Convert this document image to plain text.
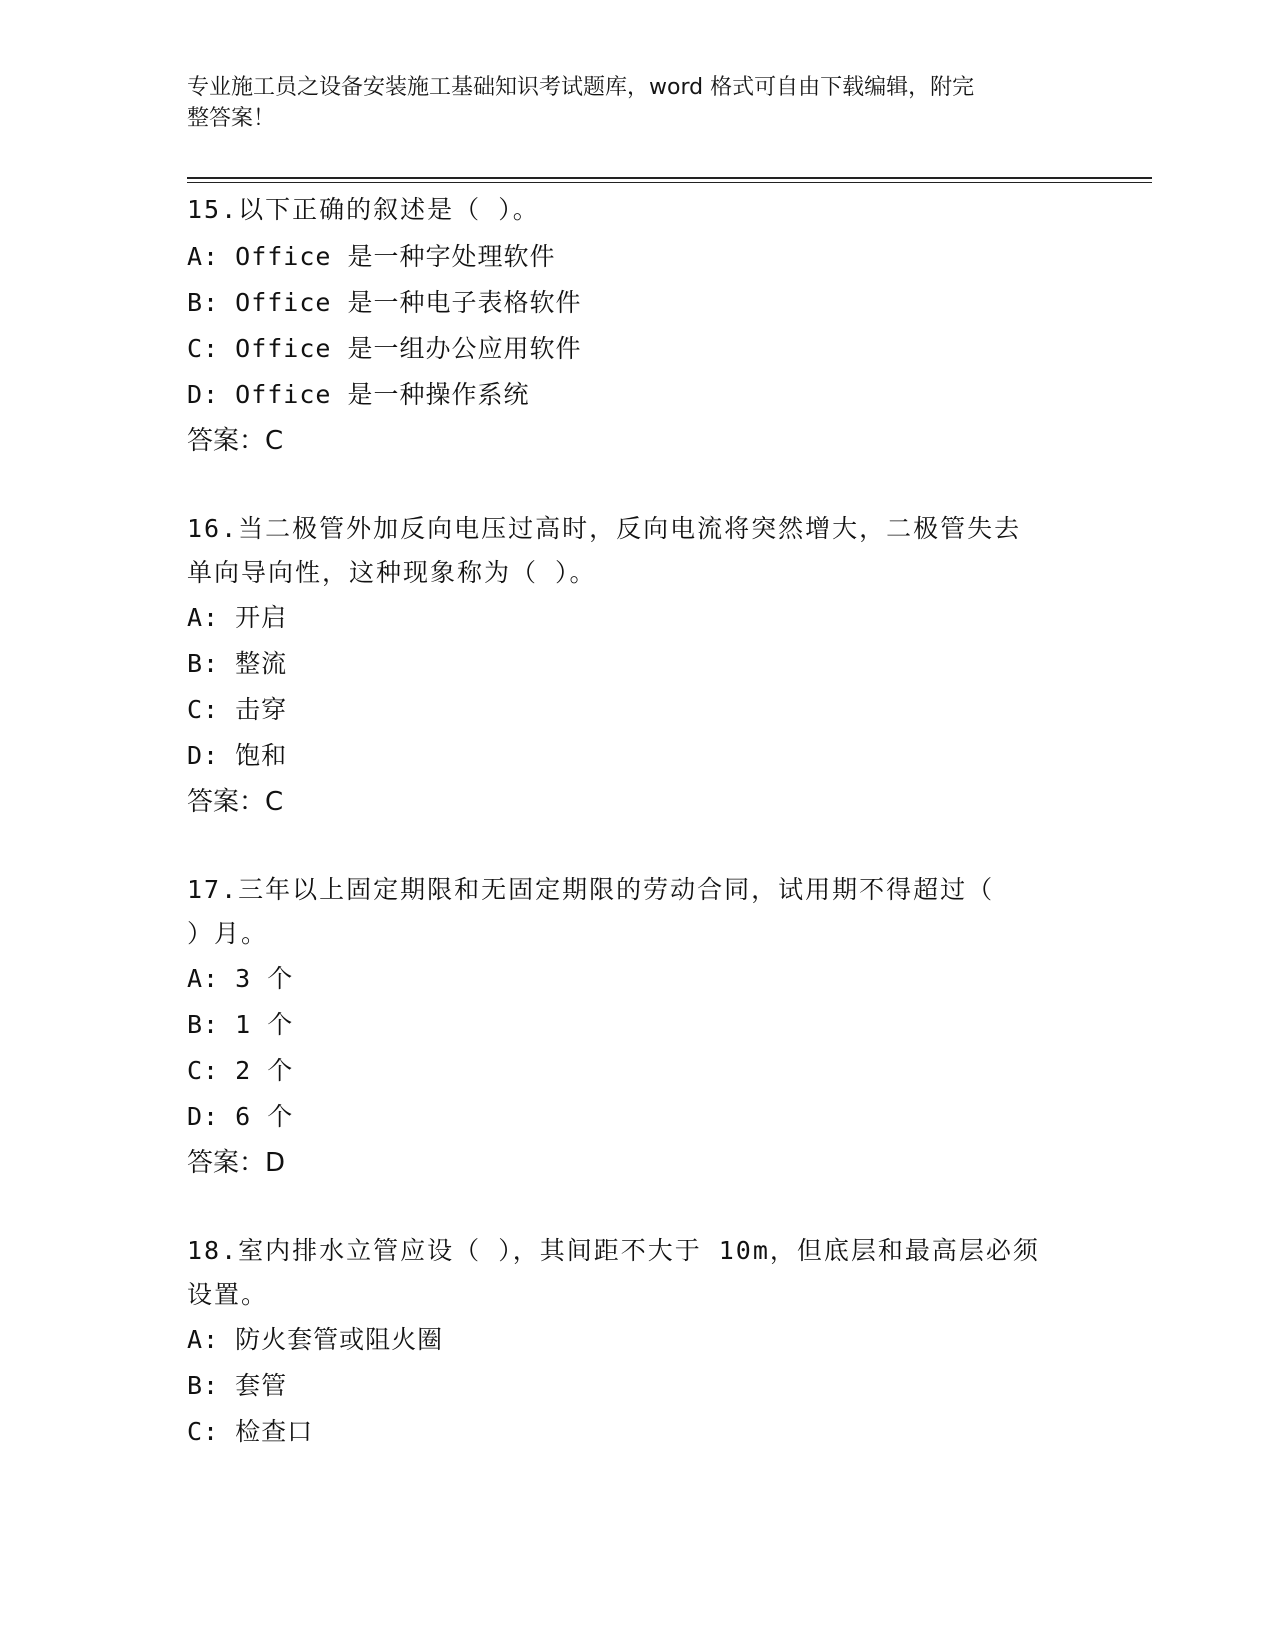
专业施工员之设备安装施工基础知识考试题库，word 格式可自由下载编辑，附完
整答案！
15.以下正确的叙述是（ ）。
A: Office 是一种字处理软件
B: Office 是一种电子表格软件
C: Office 是一组办公应用软件
D: Office 是一种操作系统
答案：C
16.当二极管外加反向电压过高时，反向电流将突然增大，二极管失去
单向导向性，这种现象称为（ ）。
A: 开启
B: 整流
C: 击穿
D: 饱和
答案：C
17.三年以上固定期限和无固定期限的劳动合同，试用期不得超过（
）月。
A: 3 个
B: 1 个
C: 2 个
D: 6 个
答案：D
18.室内排水立管应设（ ），其间距不大于 10m，但底层和最高层必须
设置。
A: 防火套管或阻火圈
B: 套管
C: 检查口
